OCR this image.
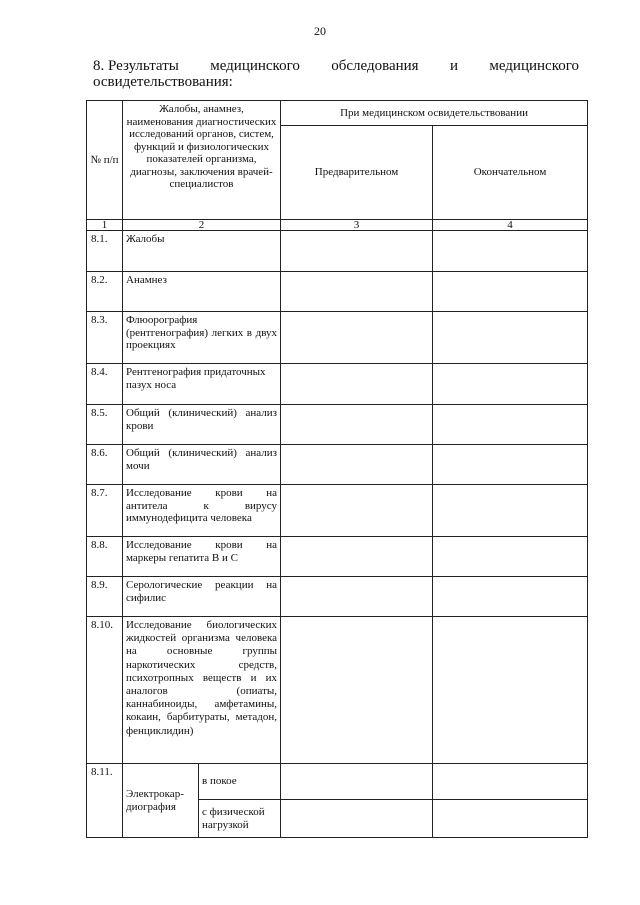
20
8. Результаты медицинского обследования и медицинского
освидетельствования:
№ п/п	Жалобы, анамнез, наименования диагностических исследований органов, систем, функций и физиологических показателей организма, диагнозы, заключения врачей-специалистов		При медицинском освидетельствовании	
			Предварительном	Окончательном
1	2		3	4
8.1.	Жалобы			
8.2.	Анамнез			
8.3.	Флюорография (рентгенография) легких в двух проекциях			
8.4.	Рентгенография придаточных пазух носа			
8.5.	Общий (клинический) анализ крови			
8.6.	Общий (клинический) анализ мочи			
8.7.	Исследование крови на антитела к вирусу иммунодефицита человека			
8.8.	Исследование крови на маркеры гепатита B и C			
8.9.	Серологические реакции на сифилис			
8.10.	Исследование биологических жидкостей организма человека на основные группы наркотических средств, психотропных веществ и их аналогов (опиаты, каннабиноиды, амфетамины, кокаин, барбитураты, метадон, фенциклидин)			
8.11.	Электрокар-диография	в покое		
		с физической нагрузкой		
